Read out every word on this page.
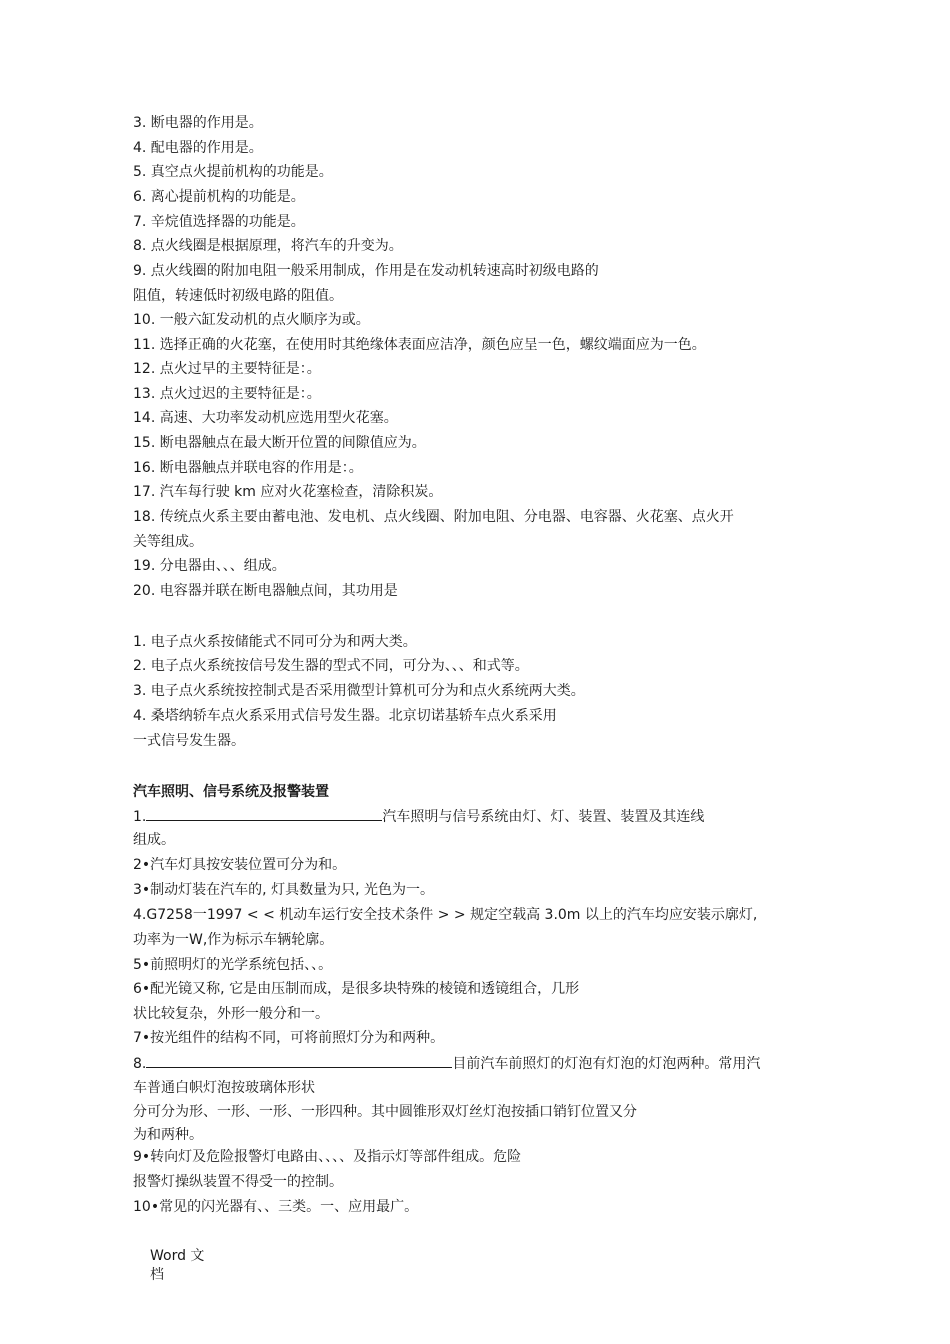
3. 断电器的作用是。
4. 配电器的作用是。
5. 真空点火提前机构的功能是。
6. 离心提前机构的功能是。
7. 辛烷值选择器的功能是。
8. 点火线圈是根据原理，将汽车的升变为。
9. 点火线圈的附加电阻一般采用制成，作用是在发动机转速高时初级电路的
阻值，转速低时初级电路的阻值。
10. 一般六缸发动机的点火顺序为或。
11. 选择正确的火花塞，在使用时其绝缘体表面应洁净，颜色应呈一色，螺纹端面应为一色。
12. 点火过早的主要特征是：。
13. 点火过迟的主要特征是：。
14. 高速、大功率发动机应选用型火花塞。
15. 断电器触点在最大断开位置的间隙值应为。
16. 断电器触点并联电容的作用是：。
17. 汽车每行驶 km 应对火花塞检查，清除积炭。
18. 传统点火系主要由蓄电池、发电机、点火线圈、附加电阻、分电器、电容器、火花塞、点火开
关等组成。
19. 分电器由、、、组成。
20. 电容器并联在断电器触点间，其功用是
1. 电子点火系按储能式不同可分为和两大类。
2. 电子点火系统按信号发生器的型式不同，可分为、、、和式等。
3. 电子点火系统按控制式是否采用微型计算机可分为和点火系统两大类。
4. 桑塔纳轿车点火系采用式信号发生器。北京切诺基轿车点火系采用
一式信号发生器。
汽车照明、信号系统及报警装置
1.	汽车照明与信号系统由灯、灯、装置、装置及其连线
组成。
2•汽车灯具按安装位置可分为和。
3•制动灯装在汽车的, 灯具数量为只, 光色为一。
4.G7258一1997 < < 机动车运行安全技术条件 > > 规定空载高 3.0m 以上的汽车均应安装示廓灯,
功率为一W,作为标示车辆轮廓。
5•前照明灯的光学系统包括、、。
6•配光镜又称, 它是由压制而成，是很多块特殊的棱镜和透镜组合，几形
状比较复杂，外形一般分和一。
7•按光组件的结构不同，可将前照灯分为和两种。
8.	目前汽车前照灯的灯泡有灯泡的灯泡两种。常用汽
车普通白帜灯泡按玻璃体形状
分可分为形、一形、一形、一形四种。其中圆锥形双灯丝灯泡按插口销钉位置又分
为和两种。
9•转向灯及危险报警灯电路由、、、、及指示灯等部件组成。危险
报警灯操纵装置不得受一的控制。
10•常见的闪光器有、、三类。一、应用最广。
Word 文
档
